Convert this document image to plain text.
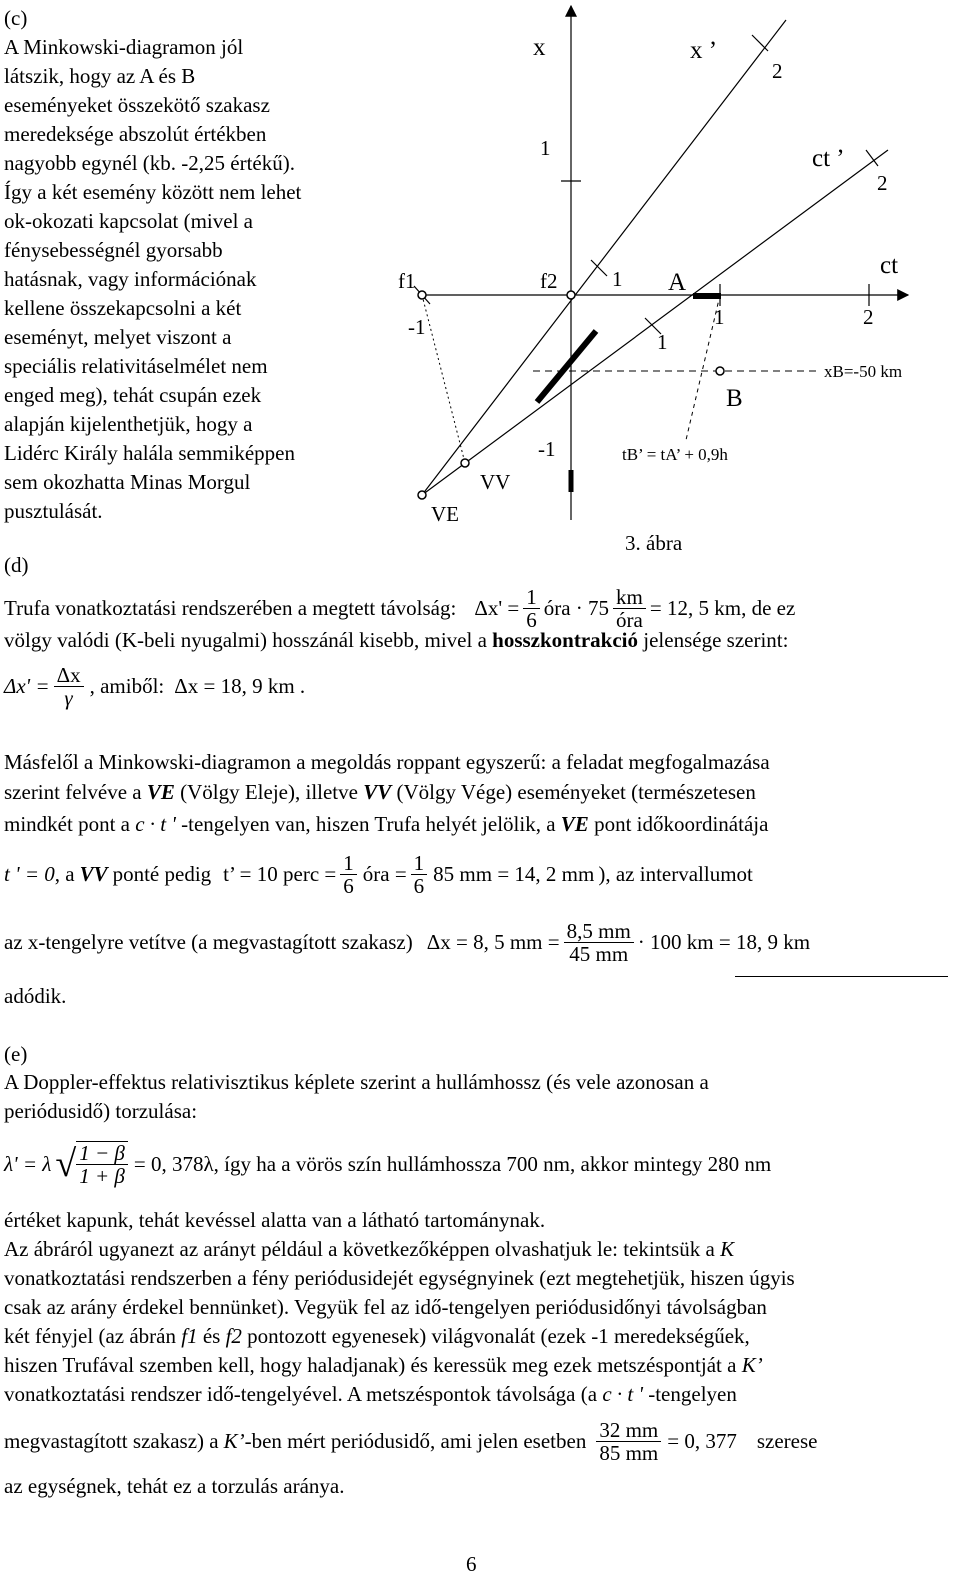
(c)
A Minkowski-diagramon jól
látszik, hogy az A és B
eseményeket összekötő szakasz
meredeksége abszolút értékben
nagyobb egynél (kb. -2,25 értékű).
Így a két esemény között nem lehet
ok-okozati kapcsolat (mivel a
fénysebességnél gyorsabb
hatásnak, vagy információnak
kellene összekapcsolni a két
eseményt, melyet viszont a
speciális relativitáselmélet nem
enged meg), tehát csupán ezek
alapján kijelenthetjük, hogy a
Lidérc Király halála semmiképpen
sem okozhatta Minas Morgul
pusztulását.
x	x ’
ct ’
ct
f1	f2	A
B
VE
VV
xB=-50 km
tB’ = tA’ + 0,9h
1
2
2
1
1	2
1
-1
-1
3. ábra
(d)
Trufa vonatkoztatási rendszerében a megtett távolság: $\Delta x' = \frac{1}{6}$ óra · $75 \frac{km}{\text{óra}} = 12$, 5 km , de ez
völgy valódi (K-beli nyugalmi) hosszánál kisebb, mivel a hosszkontrakció jelensége szerint:
$\Delta x' = \frac{\Delta x}{\gamma}$ , amiből: Δx = 18, 9 km .
Másfelől a Minkowski-diagramon a megoldás roppant egyszerű: a feladat megfogalmazása
szerint felvéve a VE (Völgy Eleje), illetve VV (Völgy Vége) eseményeket (természetesen
mindkét pont a c · t ' -tengelyen van, hiszen Trufa helyét jelölik, a VE pont időkoordinátája
t ' = 0 , a VV ponté pedig t’ = 10 perc = $\frac{1}{6}$ óra = $\frac{1}{6} 85$ mm = 14, 2 mm ), az intervallumot
az x-tengelyre vetítve (a megvastagított szakasz) Δx = 8, 5 mm = $\frac{8,5 mm}{45 mm} \cdot 100$ km = 18, 9 km
adódik.
(e)
A Doppler-effektus relativisztikus képlete szerint a hullámhossz (és vele azonosan a
periódusidő) torzulása:
λ' = λ √ $\frac{1 - \beta}{1 + \beta} = 0$, 378λ , így ha a vörös szín hullámhossza 700 nm, akkor mintegy 280 nm
értéket kapunk, tehát kevéssel alatta van a látható tartománynak.
Az ábráról ugyanezt az arányt például a következőképpen olvashatjuk le: tekintsük a K
vonatkoztatási rendszerben a fény periódusidejét egységnyinek (ezt megtehetjük, hiszen úgyis
csak az arány érdekel bennünket). Vegyük fel az idő-tengelyen periódusidőnyi távolságban
két fényjel (az ábrán f1 és f2 pontozott egyenesek) világvonalát (ezek -1 meredekségűek,
hiszen Trufával szemben kell, hogy haladjanak) és keressük meg ezek metszéspontját a K’
vonatkoztatási rendszer idő-tengelyével. A metszéspontok távolsága (a c · t ' -tengelyen
megvastagított szakasz) a K’ -ben mért periódusidő, ami jelen esetben $\frac{32 mm}{85 mm} = 0$, 377 szerese
az egységnek, tehát ez a torzulás aránya.
6
